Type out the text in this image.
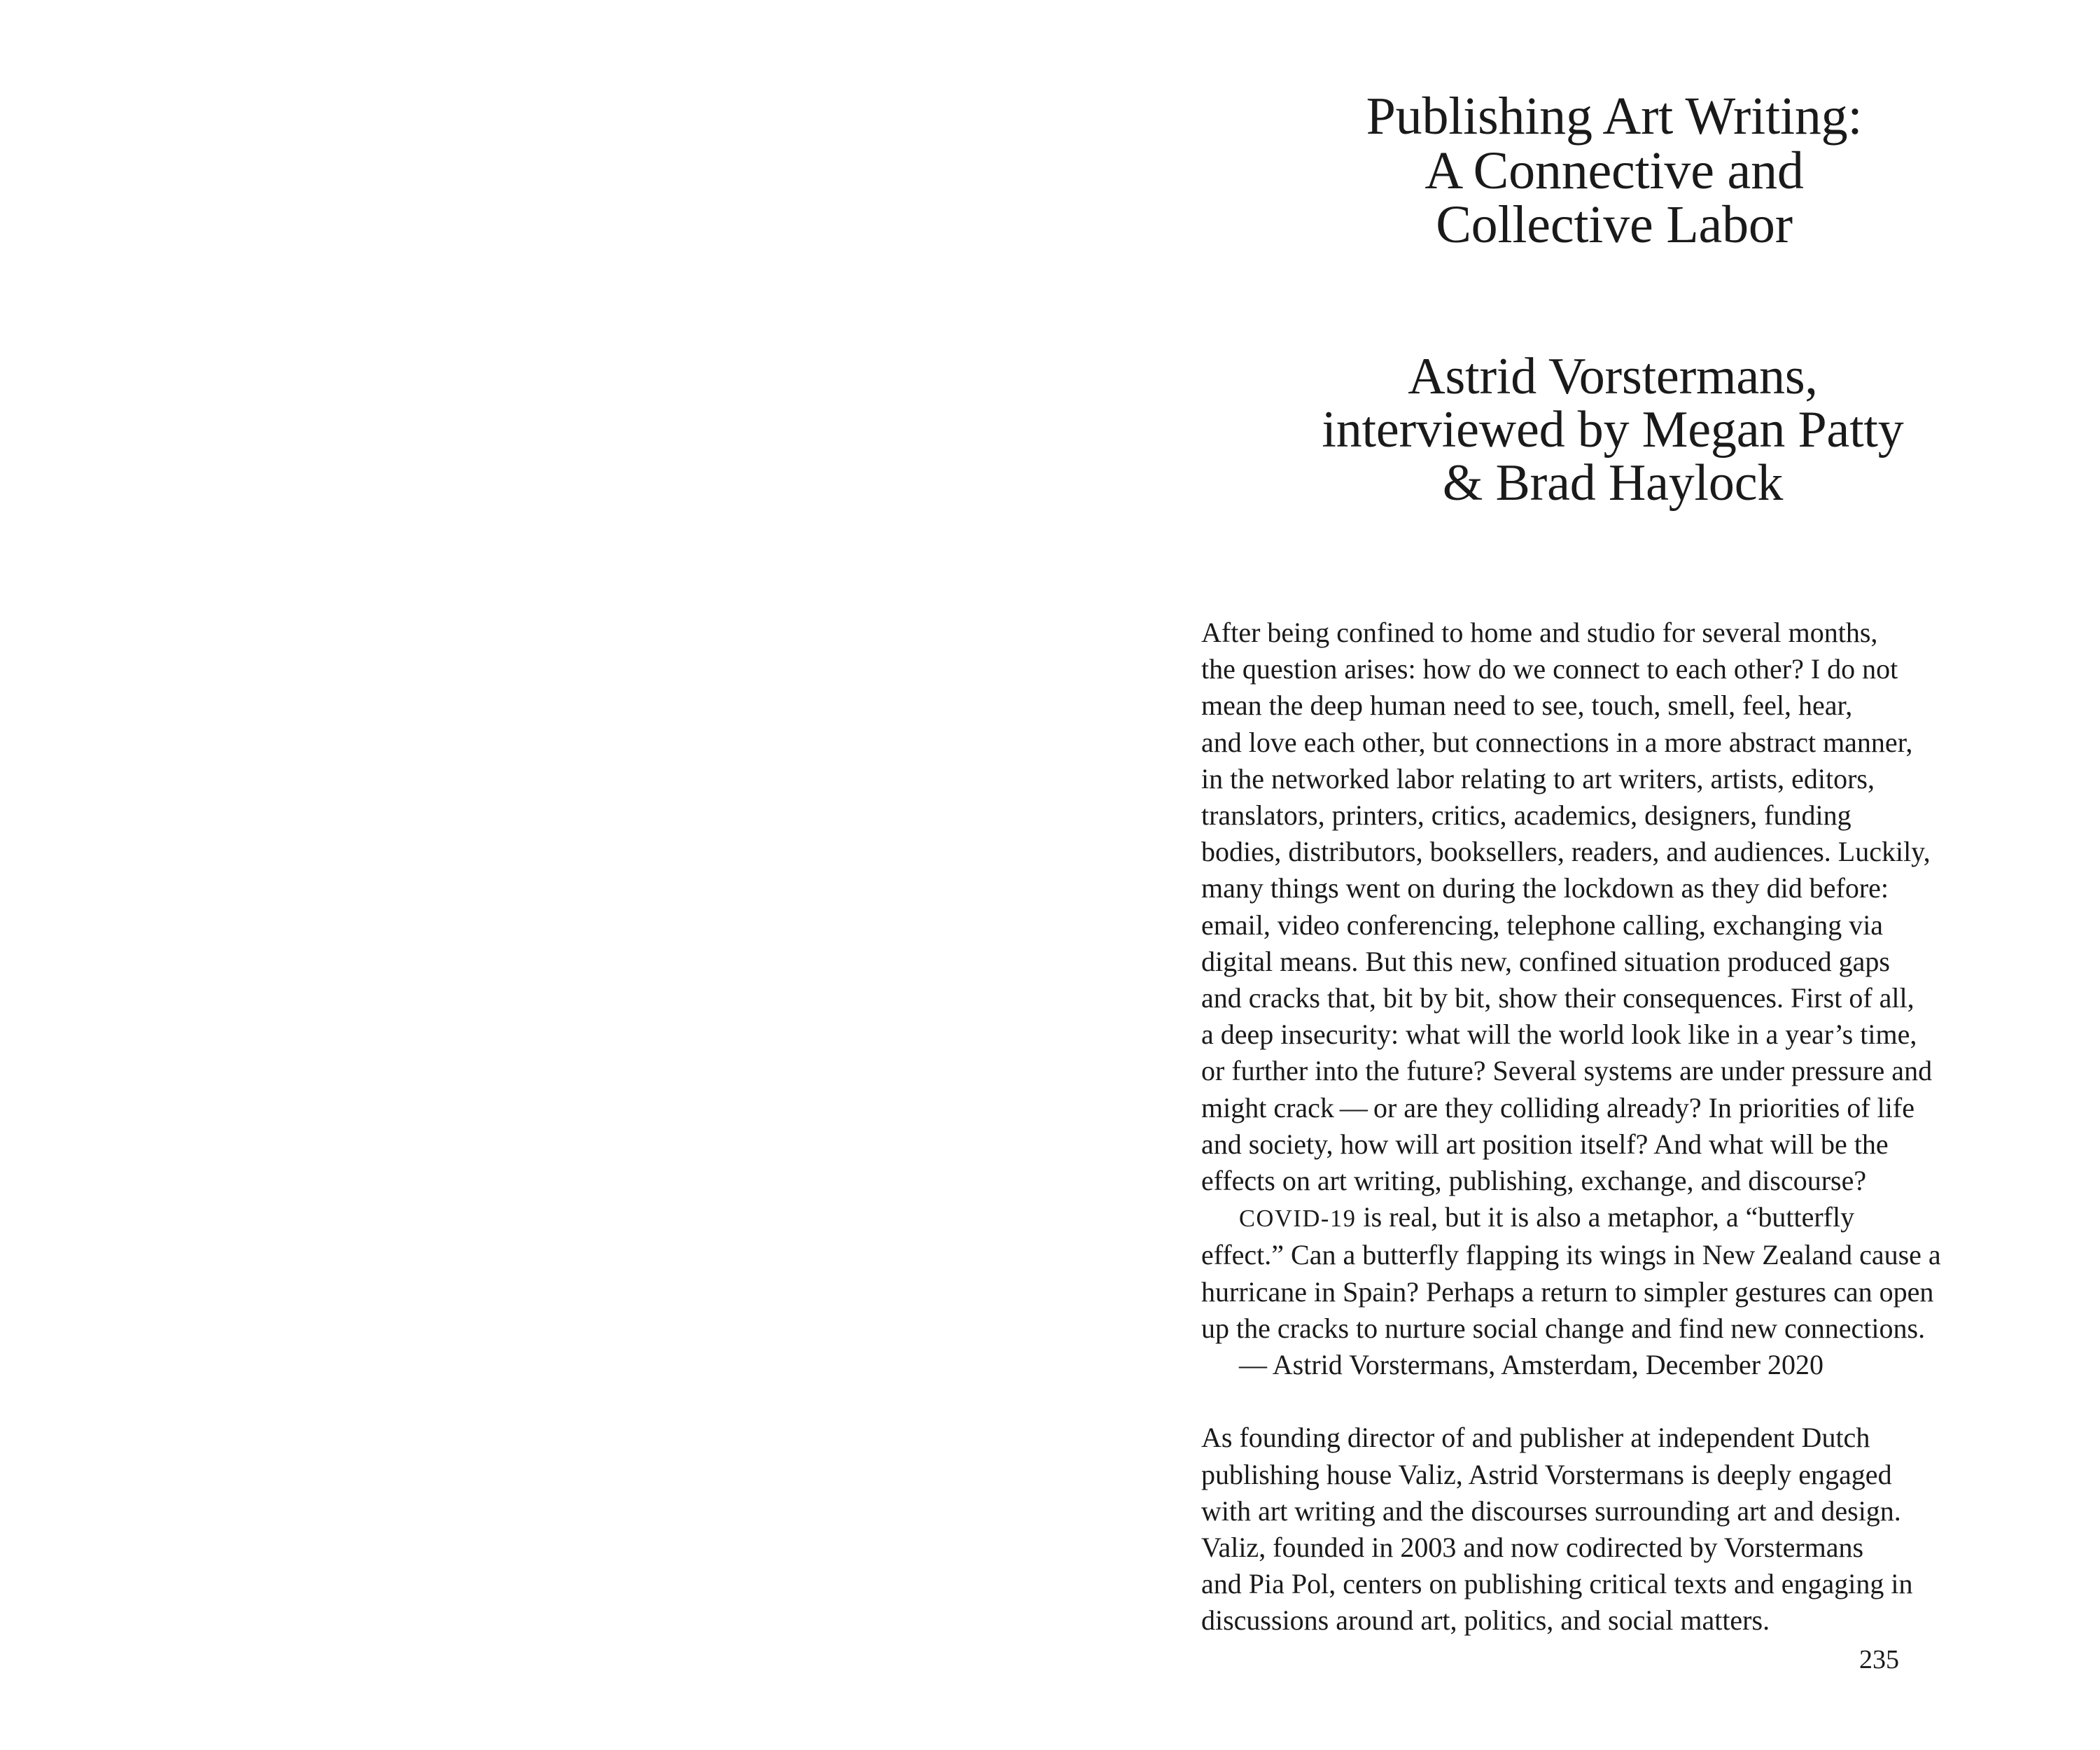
Publishing Art Writing:
A Connective and
Collective Labor
Astrid Vorstermans,
interviewed by Megan Patty
& Brad Haylock
After being confined to home and studio for several months,
the question arises: how do we connect to each other? I do not
mean the deep human need to see, touch, smell, feel, hear,
and love each other, but connections in a more abstract manner,
in the networked labor relating to art writers, artists, editors,
translators, printers, critics, academics, designers, funding
bodies, distributors, booksellers, readers, and audiences. Luckily,
many things went on during the lockdown as they did before:
email, video conferencing, telephone calling, exchanging via
digital means. But this new, confined situation produced gaps
and cracks that, bit by bit, show their consequences. First of all,
a deep insecurity: what will the world look like in a year’s time,
or further into the future? Several systems are under pressure and
might crack — or are they colliding already? In priorities of life
and society, how will art position itself? And what will be the
effects on art writing, publishing, exchange, and discourse?
COVID-19 is real, but it is also a metaphor, a “butterfly
effect.” Can a butterfly flapping its wings in New Zealand cause a
hurricane in Spain? Perhaps a return to simpler gestures can open
up the cracks to nurture social change and find new connections.
— Astrid Vorstermans, Amsterdam, December 2020
As founding director of and publisher at independent Dutch
publishing house Valiz, Astrid Vorstermans is deeply engaged
with art writing and the discourses surrounding art and design.
Valiz, founded in 2003 and now codirected by Vorstermans
and Pia Pol, centers on publishing critical texts and engaging in
discussions around art, politics, and social matters.
235
